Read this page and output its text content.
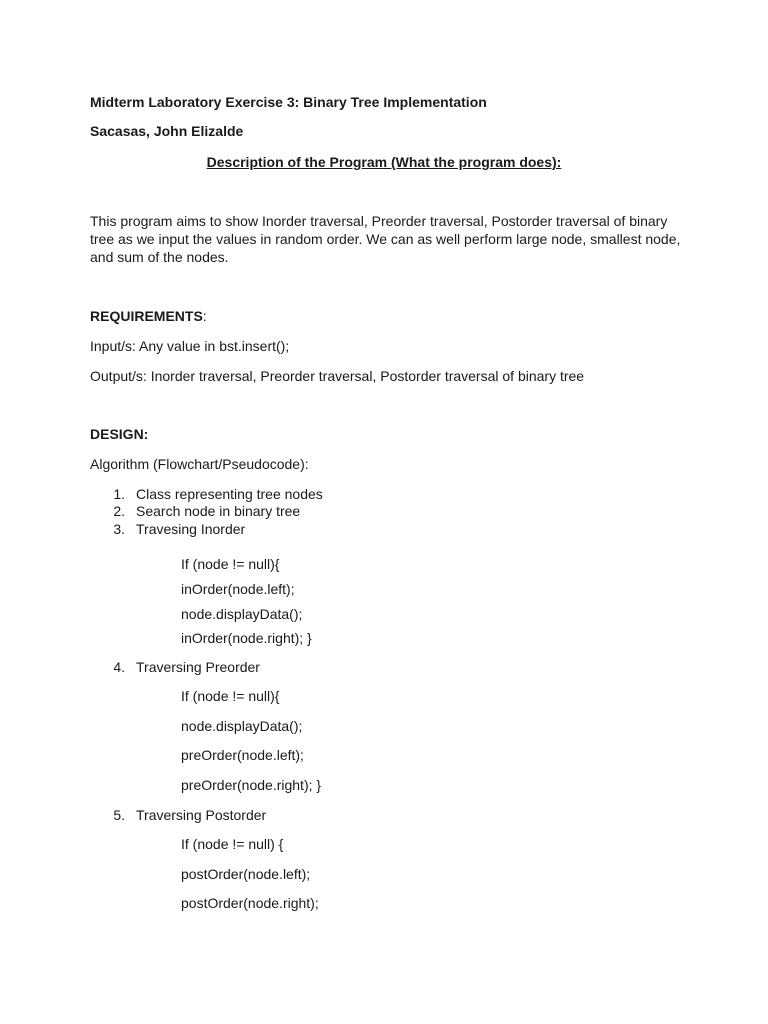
Midterm Laboratory Exercise 3: Binary Tree Implementation
Sacasas, John Elizalde
Description of the Program (What the program does):
This program aims to show Inorder traversal, Preorder traversal, Postorder traversal of binary tree as we input the values in random order. We can as well perform large node, smallest node, and sum of the nodes.
REQUIREMENTS:
Input/s: Any value in bst.insert();
Output/s: Inorder traversal, Preorder traversal, Postorder traversal of binary tree
DESIGN:
Algorithm (Flowchart/Pseudocode):
1. Class representing tree nodes
2. Search node in binary tree
3. Travesing Inorder
If (node != null){
inOrder(node.left);
node.displayData();
inOrder(node.right); }
4. Traversing Preorder
If (node != null){
node.displayData();
preOrder(node.left);
preOrder(node.right); }
5. Traversing Postorder
If (node != null) {
postOrder(node.left);
postOrder(node.right);
